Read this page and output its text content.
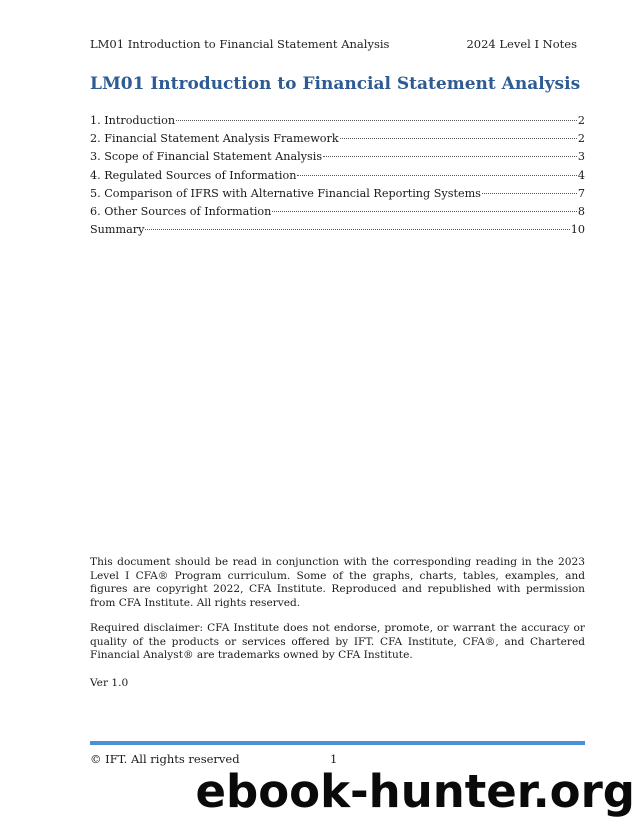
LM01 Introduction to Financial Statement Analysis	2024 Level I Notes
LM01 Introduction to Financial Statement Analysis
1. Introduction	2
2. Financial Statement Analysis Framework	2
3. Scope of Financial Statement Analysis	3
4. Regulated Sources of Information	4
5. Comparison of IFRS with Alternative Financial Reporting Systems	7
6. Other Sources of Information	8
Summary	10

This document should be read in conjunction with the corresponding reading in the 2023 Level I CFA® Program curriculum. Some of the graphs, charts, tables, examples, and figures are copyright 2022, CFA Institute. Reproduced and republished with permission from CFA Institute. All rights reserved.

Required disclaimer: CFA Institute does not endorse, promote, or warrant the accuracy or quality of the products or services offered by IFT. CFA Institute, CFA®, and Chartered Financial Analyst® are trademarks owned by CFA Institute.

Ver 1.0

© IFT. All rights reserved	1
ebook-hunter.org
